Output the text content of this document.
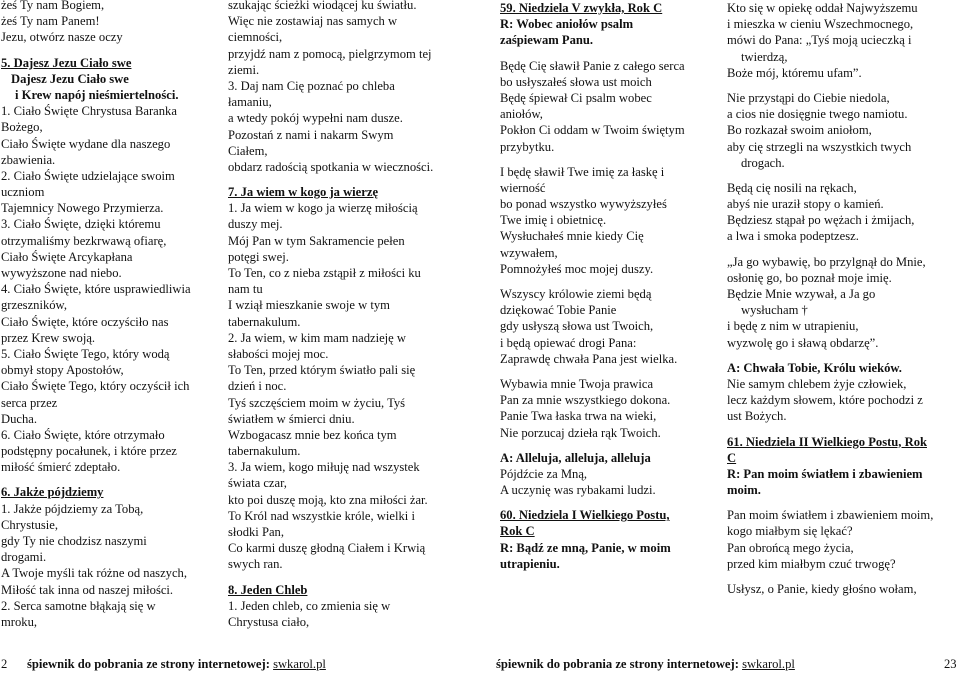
żeś Ty nam Bogiem,
żeś Ty nam Panem!
Jezu, otwórz nasze oczy
5. Dajesz Jezu Ciało swe
Dajesz Jezu Ciało swe
i Krew napój nieśmiertelności.
1. Ciało Święte Chrystusa Baranka
Bożego,
Ciało Święte wydane dla naszego
zbawienia.
2. Ciało Święte udzielające swoim
uczniom
Tajemnicy Nowego Przymierza.
3. Ciało Święte, dzięki któremu
otrzymaliśmy bezkrwawą ofiarę,
Ciało Święte Arcykapłana
wywyższone nad niebo.
4. Ciało Święte, które usprawiedliwia
grzeszników,
Ciało Święte, które oczyściło nas
przez Krew swoją.
5. Ciało Święte Tego, który wodą
obmył stopy Apostołów,
Ciało Święte Tego, który oczyścił ich
serca przez
Ducha.
6. Ciało Święte, które otrzymało
podstępny pocałunek, i które przez
miłość śmierć zdeptało.
6. Jakże pójdziemy
1. Jakże pójdziemy za Tobą,
Chrystusie,
gdy Ty nie chodzisz naszymi
drogami.
A Twoje myśli tak różne od naszych,
Miłość tak inna od naszej miłości.
2. Serca samotne błąkają się w
mroku,
szukając ścieżki wiodącej ku światłu.
Więc nie zostawiaj nas samych w
ciemności,
przyjdź nam z pomocą, pielgrzymom tej
ziemi.
3. Daj nam Cię poznać po chleba
łamaniu,
a wtedy pokój wypełni nam dusze.
Pozostań z nami i nakarm Swym
Ciałem,
obdarz radością spotkania w wieczności.
7. Ja wiem w kogo ja wierzę
1. Ja wiem w kogo ja wierzę miłością
duszy mej.
Mój Pan w tym Sakramencie pełen
potęgi swej.
To Ten, co z nieba zstąpił z miłości ku
nam tu
I wziął mieszkanie swoje w tym
tabernakulum.
2. Ja wiem, w kim mam nadzieję w
słabości mojej moc.
To Ten, przed którym światło pali się
dzień i noc.
Tyś szczęściem moim w życiu, Tyś
światłem w śmierci dniu.
Wzbogacasz mnie bez końca tym
tabernakulum.
3. Ja wiem, kogo miłuję nad wszystek
świata czar,
kto poi duszę moją, kto zna miłości żar.
To Król nad wszystkie króle, wielki i
słodki Pan,
Co karmi duszę głodną Ciałem i Krwią
swych ran.
8. Jeden Chleb
1. Jeden chleb, co zmienia się w
Chrystusa ciało,
59. Niedziela V zwykła, Rok C
R: Wobec aniołów psalm
zaśpiewam Panu.
Będę Cię sławił Panie z całego serca
bo usłyszałeś słowa ust moich
Będę śpiewał Ci psalm wobec
aniołów,
Pokłon Ci oddam w Twoim świętym
przybytku.
I będę sławił Twe imię za łaskę i
wierność
bo ponad wszystko wywyższyłeś
Twe imię i obietnicę.
Wysłuchałeś mnie kiedy Cię
wzywałem,
Pomnożyłeś moc mojej duszy.
Wszyscy królowie ziemi będą
dziękować Tobie Panie
gdy usłyszą słowa ust Twoich,
i będą opiewać drogi Pana:
Zaprawdę chwała Pana jest wielka.
Wybawia mnie Twoja prawica
Pan za mnie wszystkiego dokona.
Panie Twa łaska trwa na wieki,
Nie porzucaj dzieła rąk Twoich.
A: Alleluja, alleluja, alleluja
Pójdźcie za Mną,
A uczynię was rybakami ludzi.
60. Niedziela I Wielkiego Postu,
Rok C
R: Bądź ze mną, Panie, w moim
utrapieniu.
Kto się w opiekę oddał Najwyższemu
i mieszka w cieniu Wszechmocnego,
mówi do Pana: „Tyś moją ucieczką i
twierdzą,
Boże mój, któremu ufam”.
Nie przystąpi do Ciebie niedola,
a cios nie dosięgnie twego namiotu.
Bo rozkazał swoim aniołom,
aby cię strzegli na wszystkich twych
drogach.
Będą cię nosili na rękach,
abyś nie uraził stopy o kamień.
Będziesz stąpał po wężach i żmijach,
a lwa i smoka podeptzesz.
„Ja go wybawię, bo przylgnął do Mnie,
osłonię go, bo poznał moje imię.
Będzie Mnie wzywał, a Ja go
wysłucham †
i będę z nim w utrapieniu,
wyzwolę go i sławą obdarzę”.
A: Chwała Tobie, Królu wieków.
Nie samym chlebem żyje człowiek,
lecz każdym słowem, które pochodzi z
ust Bożych.
61. Niedziela II Wielkiego Postu, Rok
C
R: Pan moim światłem i zbawieniem
moim.
Pan moim światłem i zbawieniem moim,
kogo miałbym się lękać?
Pan obrońcą mego życia,
przed kim miałbym czuć trwogę?
Usłysz, o Panie, kiedy głośno wołam,
2 śpiewnik do pobrania ze strony internetowej: swkarol.pl	śpiewnik do pobrania ze strony internetowej: swkarol.pl	23
